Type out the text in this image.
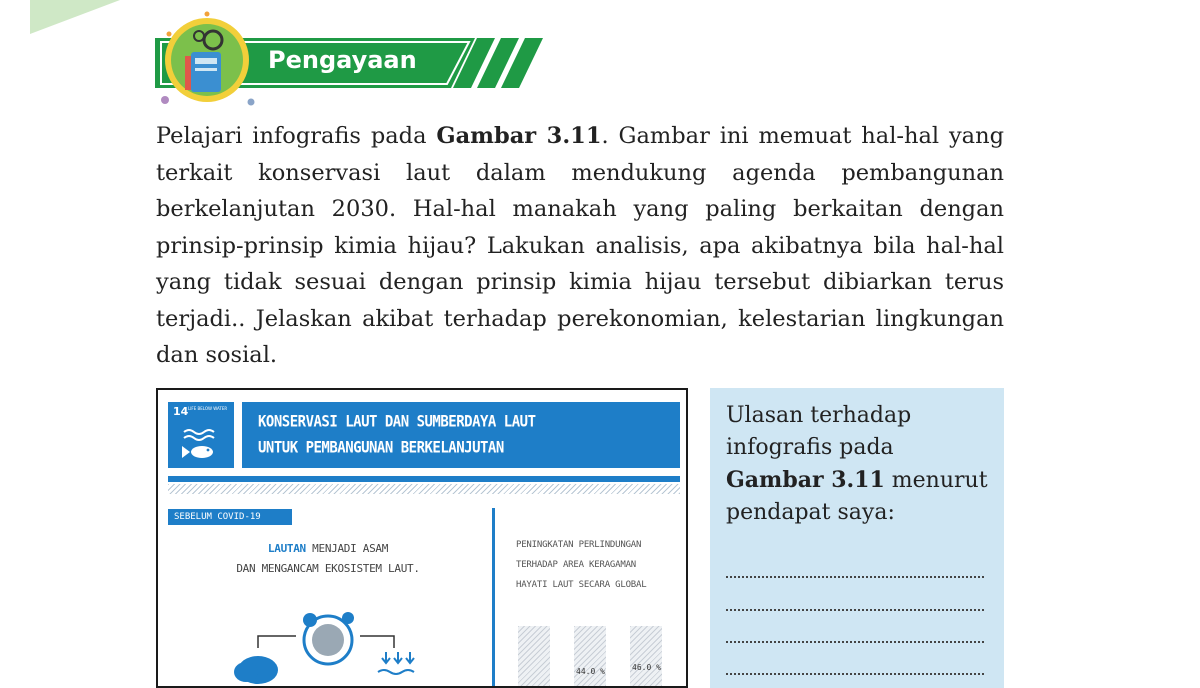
Pengayaan
Pelajari infografis pada Gambar 3.11. Gambar ini memuat hal-hal yang terkait konservasi laut dalam mendukung agenda pembangunan berkelanjutan 2030. Hal-hal manakah yang paling berkaitan dengan prinsip-prinsip kimia hijau? Lakukan analisis, apa akibatnya bila hal-hal yang tidak sesuai dengan prinsip kimia hijau tersebut dibiarkan terus terjadi.. Jelaskan akibat terhadap perekonomian, kelestarian lingkungan dan sosial.
14 LIFE BELOW WATER
KONSERVASI LAUT DAN SUMBERDAYA LAUT
UNTUK PEMBANGUNAN BERKELANJUTAN
SEBELUM COVID-19
LAUTAN MENJADI ASAM
DAN MENGANCAM EKOSISTEM LAUT.
PENINGKATAN PERLINDUNGAN
TERHADAP AREA KERAGAMAN
HAYATI LAUT SECARA GLOBAL
44.0 %	46.0 %
Ulasan terhadap
infografis pada
Gambar 3.11 menurut
pendapat saya:
